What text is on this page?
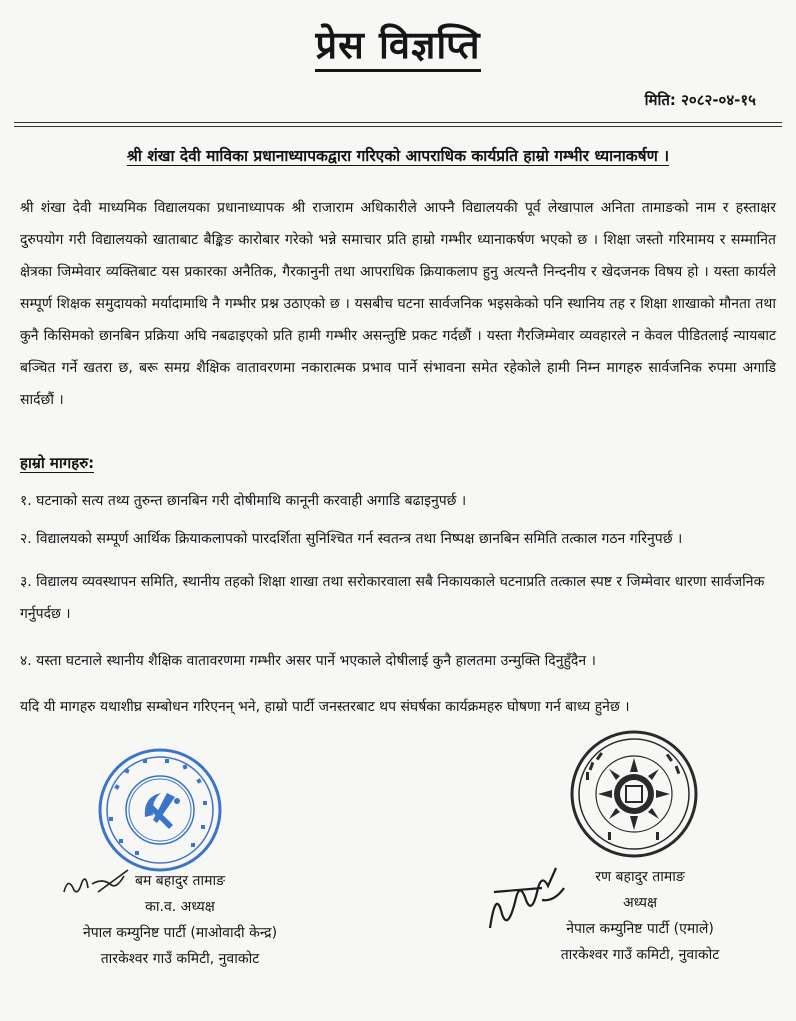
प्रेस विज्ञप्ति
मिति: २०८२-०४-१५
श्री शंखा देवी माविका प्रधानाध्यापकद्वारा गरिएको आपराधिक कार्यप्रति हाम्रो गम्भीर ध्यानाकर्षण ।
श्री शंखा देवी माध्यमिक विद्यालयका प्रधानाध्यापक श्री राजाराम अधिकारीले आफ्नै विद्यालयकी पूर्व लेखापाल अनिता तामाङको नाम र हस्ताक्षर दुरुपयोग गरी विद्यालयको खाताबाट बैङ्किङ कारोबार गरेको भन्ने समाचार प्रति हाम्रो गम्भीर ध्यानाकर्षण भएको छ । शिक्षा जस्तो गरिमामय र सम्मानित क्षेत्रका जिम्मेवार व्यक्तिबाट यस प्रकारका अनैतिक, गैरकानुनी तथा आपराधिक क्रियाकलाप हुनु अत्यन्तै निन्दनीय र खेदजनक विषय हो । यस्ता कार्यले सम्पूर्ण शिक्षक समुदायको मर्यादामाथि नै गम्भीर प्रश्न उठाएको छ । यसबीच घटना सार्वजनिक भइसकेको पनि स्थानिय तह र शिक्षा शाखाको मौनता तथा कुनै किसिमको छानबिन प्रक्रिया अघि नबढाइएको प्रति हामी गम्भीर असन्तुष्टि प्रकट गर्दछौं । यस्ता गैरजिम्मेवार व्यवहारले न केवल पीडितलाई न्यायबाट बञ्चित गर्ने खतरा छ, बरू समग्र शैक्षिक वातावरणमा नकारात्मक प्रभाव पार्ने संभावना समेत रहेकोले हामी निम्न मागहरु सार्वजनिक रुपमा अगाडि सार्दछौं ।
हाम्रो मागहरु:
१. घटनाको सत्य तथ्य तुरुन्त छानबिन गरी दोषीमाथि कानूनी करवाही अगाडि बढाइनुपर्छ ।
२. विद्यालयको सम्पूर्ण आर्थिक क्रियाकलापको पारदर्शिता सुनिश्चित गर्न स्वतन्त्र तथा निष्पक्ष छानबिन समिति तत्काल गठन गरिनुपर्छ ।
३. विद्यालय व्यवस्थापन समिति, स्थानीय तहको शिक्षा शाखा तथा सरोकारवाला सबै निकायकाले घटनाप्रति तत्काल स्पष्ट र जिम्मेवार धारणा सार्वजनिक गर्नुपर्दछ ।
४. यस्ता घटनाले स्थानीय शैक्षिक वातावरणमा गम्भीर असर पार्ने भएकाले दोषीलाई कुनै हालतमा उन्मुक्ति दिनुहुँदैन ।
यदि यी मागहरु यथाशीघ्र सम्बोधन गरिएनन् भने, हाम्रो पार्टी जनस्तरबाट थप संघर्षका कार्यक्रमहरु घोषणा गर्न बाध्य हुनेछ ।
बम बहादुर तामाङ
का.व. अध्यक्ष
नेपाल कम्युनिष्ट पार्टी (माओवादी केन्द्र)
तारकेश्वर गाउँ कमिटी, नुवाकोट
रण बहादुर तामाङ
अध्यक्ष
नेपाल कम्युनिष्ट पार्टी (एमाले)
तारकेश्वर गाउँ कमिटी, नुवाकोट
